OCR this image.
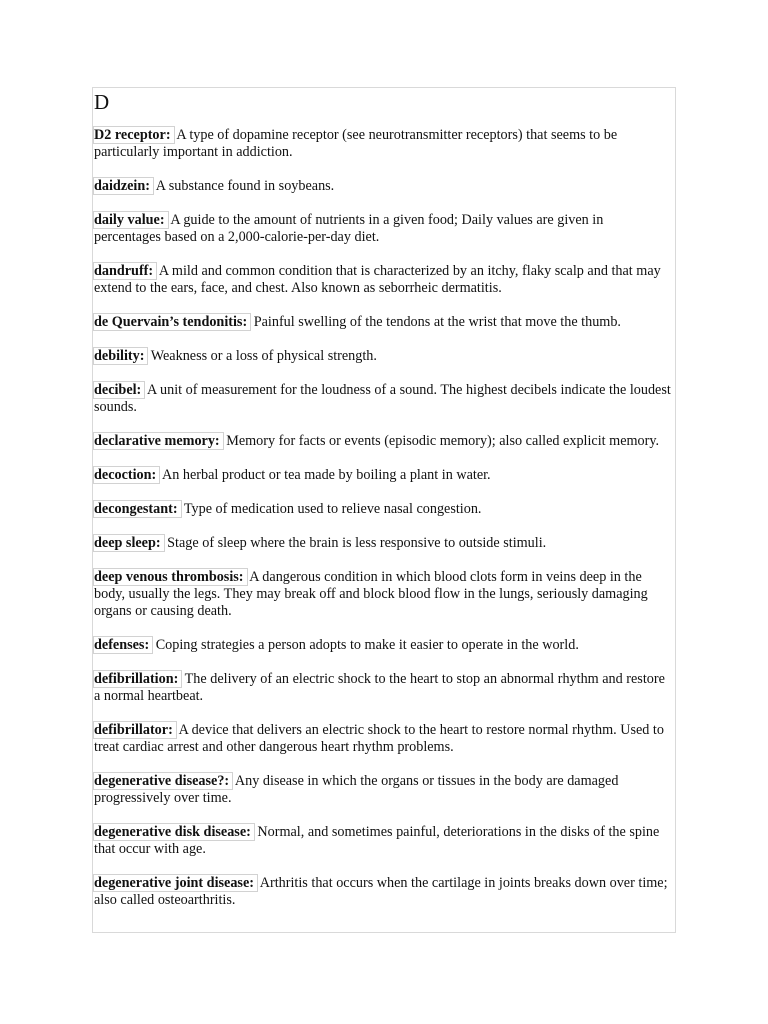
D
D2 receptor: A type of dopamine receptor (see neurotransmitter receptors) that seems to be particularly important in addiction.
daidzein: A substance found in soybeans.
daily value: A guide to the amount of nutrients in a given food; Daily values are given in percentages based on a 2,000-calorie-per-day diet.
dandruff: A mild and common condition that is characterized by an itchy, flaky scalp and that may extend to the ears, face, and chest. Also known as seborrheic dermatitis.
de Quervain’s tendonitis: Painful swelling of the tendons at the wrist that move the thumb.
debility: Weakness or a loss of physical strength.
decibel: A unit of measurement for the loudness of a sound. The highest decibels indicate the loudest sounds.
declarative memory: Memory for facts or events (episodic memory); also called explicit memory.
decoction: An herbal product or tea made by boiling a plant in water.
decongestant: Type of medication used to relieve nasal congestion.
deep sleep: Stage of sleep where the brain is less responsive to outside stimuli.
deep venous thrombosis: A dangerous condition in which blood clots form in veins deep in the body, usually the legs. They may break off and block blood flow in the lungs, seriously damaging organs or causing death.
defenses: Coping strategies a person adopts to make it easier to operate in the world.
defibrillation: The delivery of an electric shock to the heart to stop an abnormal rhythm and restore a normal heartbeat.
defibrillator: A device that delivers an electric shock to the heart to restore normal rhythm. Used to treat cardiac arrest and other dangerous heart rhythm problems.
degenerative disease?: Any disease in which the organs or tissues in the body are damaged progressively over time.
degenerative disk disease: Normal, and sometimes painful, deteriorations in the disks of the spine that occur with age.
degenerative joint disease: Arthritis that occurs when the cartilage in joints breaks down over time; also called osteoarthritis.
